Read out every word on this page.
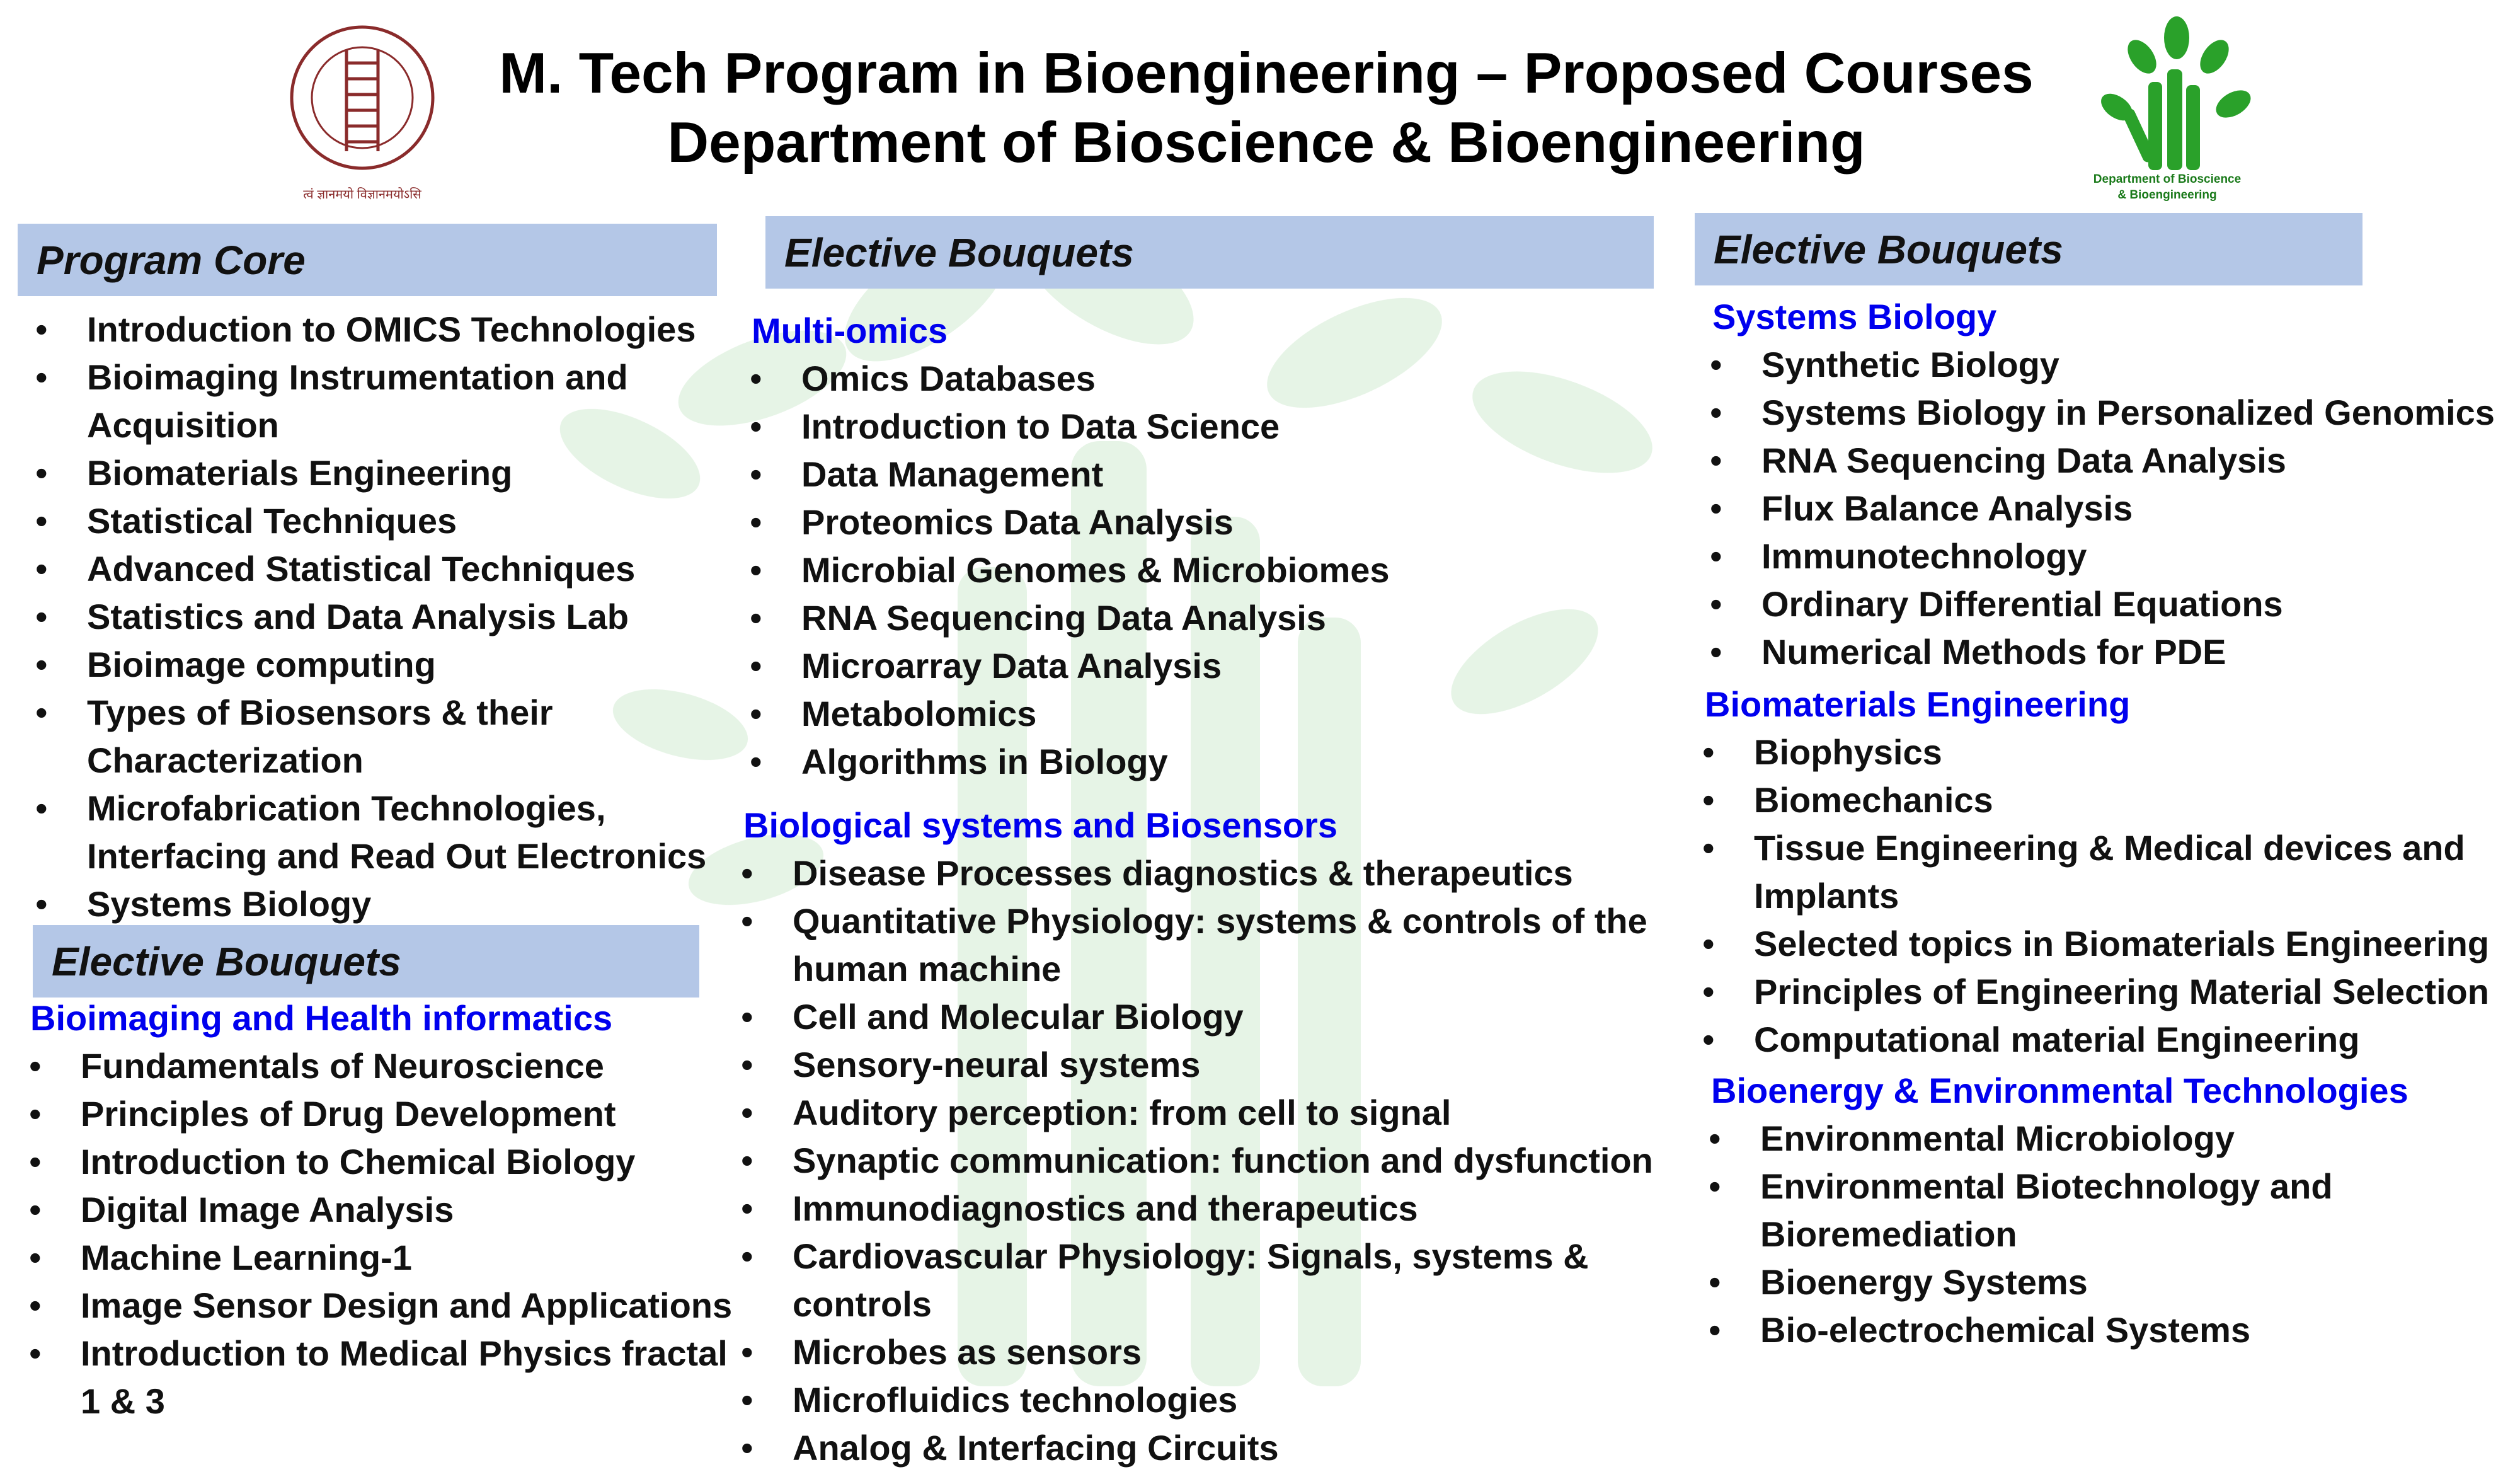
त्वं ज्ञानमयो विज्ञानमयोऽसि
Department of Bioscience
& Bioengineering
M. Tech Program in Bioengineering – Proposed Courses
Department of Bioscience & Bioengineering
Program Core
• Introduction to OMICS Technologies
• Bioimaging Instrumentation and Acquisition
• Biomaterials Engineering
• Statistical Techniques
• Advanced Statistical Techniques
• Statistics and Data Analysis Lab
• Bioimage computing
• Types of Biosensors & their Characterization
• Microfabrication Technologies, Interfacing and Read Out Electronics
• Systems Biology
Elective Bouquets
Bioimaging and Health informatics
• Fundamentals of Neuroscience
• Principles of Drug Development
• Introduction to Chemical Biology
• Digital Image Analysis
• Machine Learning-1
• Image Sensor Design and Applications
• Introduction to Medical Physics fractal 1 & 3
Elective Bouquets
Multi-omics
• Omics Databases
• Introduction to Data Science
• Data Management
• Proteomics Data Analysis
• Microbial Genomes & Microbiomes
• RNA Sequencing Data Analysis
• Microarray Data Analysis
• Metabolomics
• Algorithms in Biology
Biological systems and Biosensors
• Disease Processes diagnostics & therapeutics
• Quantitative Physiology: systems & controls of the human machine
• Cell and Molecular Biology
• Sensory-neural systems
• Auditory perception: from cell to signal
• Synaptic communication: function and dysfunction
• Immunodiagnostics and therapeutics
• Cardiovascular Physiology: Signals, systems & controls
• Microbes as sensors
• Microfluidics technologies
• Analog & Interfacing Circuits
Elective Bouquets
Systems Biology
• Synthetic Biology
• Systems Biology in Personalized Genomics
• RNA Sequencing Data Analysis
• Flux Balance Analysis
• Immunotechnology
• Ordinary Differential Equations
• Numerical Methods for PDE
Biomaterials Engineering
• Biophysics
• Biomechanics
• Tissue Engineering & Medical devices and Implants
• Selected topics in Biomaterials Engineering
• Principles of Engineering Material Selection
• Computational material Engineering
Bioenergy & Environmental Technologies
• Environmental Microbiology
• Environmental Biotechnology and Bioremediation
• Bioenergy Systems
• Bio-electrochemical Systems
